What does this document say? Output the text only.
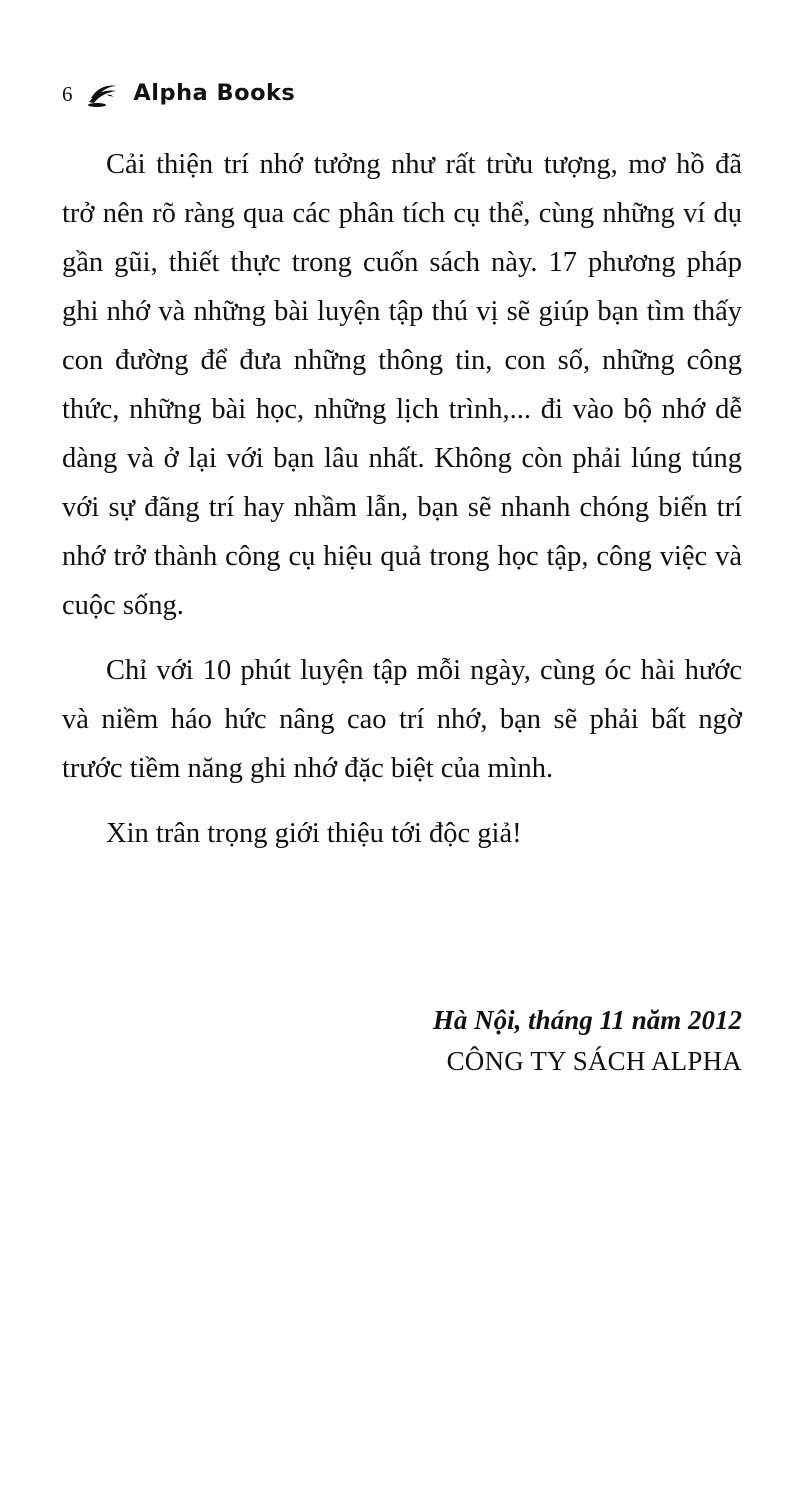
6	Alpha Books

Cải thiện trí nhớ tưởng như rất trừu tượng, mơ hồ đã trở nên rõ ràng qua các phân tích cụ thể, cùng những ví dụ gần gũi, thiết thực trong cuốn sách này. 17 phương pháp ghi nhớ và những bài luyện tập thú vị sẽ giúp bạn tìm thấy con đường để đưa những thông tin, con số, những công thức, những bài học, những lịch trình,... đi vào bộ nhớ dễ dàng và ở lại với bạn lâu nhất. Không còn phải lúng túng với sự đãng trí hay nhầm lẫn, bạn sẽ nhanh chóng biến trí nhớ trở thành công cụ hiệu quả trong học tập, công việc và cuộc sống.

Chỉ với 10 phút luyện tập mỗi ngày, cùng óc hài hước và niềm háo hức nâng cao trí nhớ, bạn sẽ phải bất ngờ trước tiềm năng ghi nhớ đặc biệt của mình.

Xin trân trọng giới thiệu tới độc giả!

Hà Nội, tháng 11 năm 2012
CÔNG TY SÁCH ALPHA
